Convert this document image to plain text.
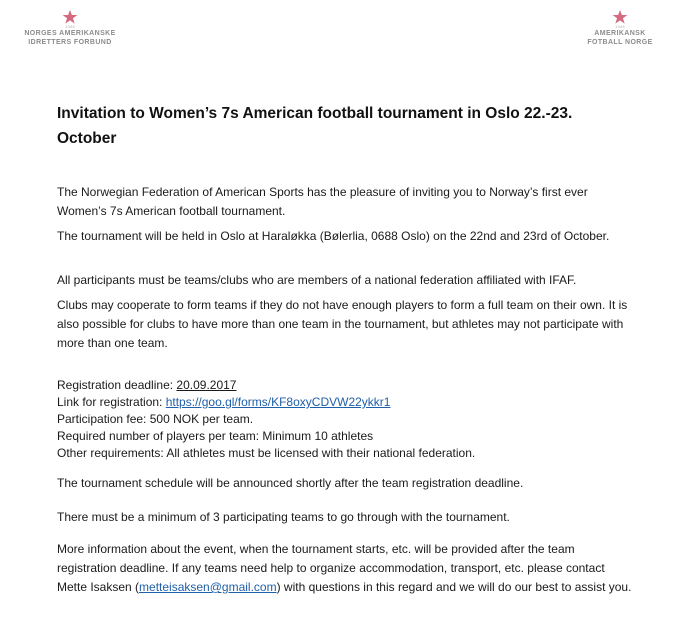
1946
NORGES AMERIKANSKE
IDRETTERS FORBUND
1946
AMERIKANSK
FOTBALL NORGE
Invitation to Women’s 7s American football tournament in Oslo 22.-23. October

The Norwegian Federation of American Sports has the pleasure of inviting you to Norway’s first ever Women’s 7s American football tournament.

The tournament will be held in Oslo at Haraløkka (Bølerlia, 0688 Oslo) on the 22nd and 23rd of October.

All participants must be teams/clubs who are members of a national federation affiliated with IFAF.

Clubs may cooperate to form teams if they do not have enough players to form a full team on their own. It is also possible for clubs to have more than one team in the tournament, but athletes may not participate with more than one team.

Registration deadline: 20.09.2017
Link for registration: https://goo.gl/forms/KF8oxyCDVW22ykkr1
Participation fee: 500 NOK per team.
Required number of players per team: Minimum 10 athletes
Other requirements: All athletes must be licensed with their national federation.

The tournament schedule will be announced shortly after the team registration deadline.

There must be a minimum of 3 participating teams to go through with the tournament.

More information about the event, when the tournament starts, etc. will be provided after the team registration deadline. If any teams need help to organize accommodation, transport, etc. please contact Mette Isaksen (metteisaksen@gmail.com) with questions in this regard and we will do our best to assist you.
